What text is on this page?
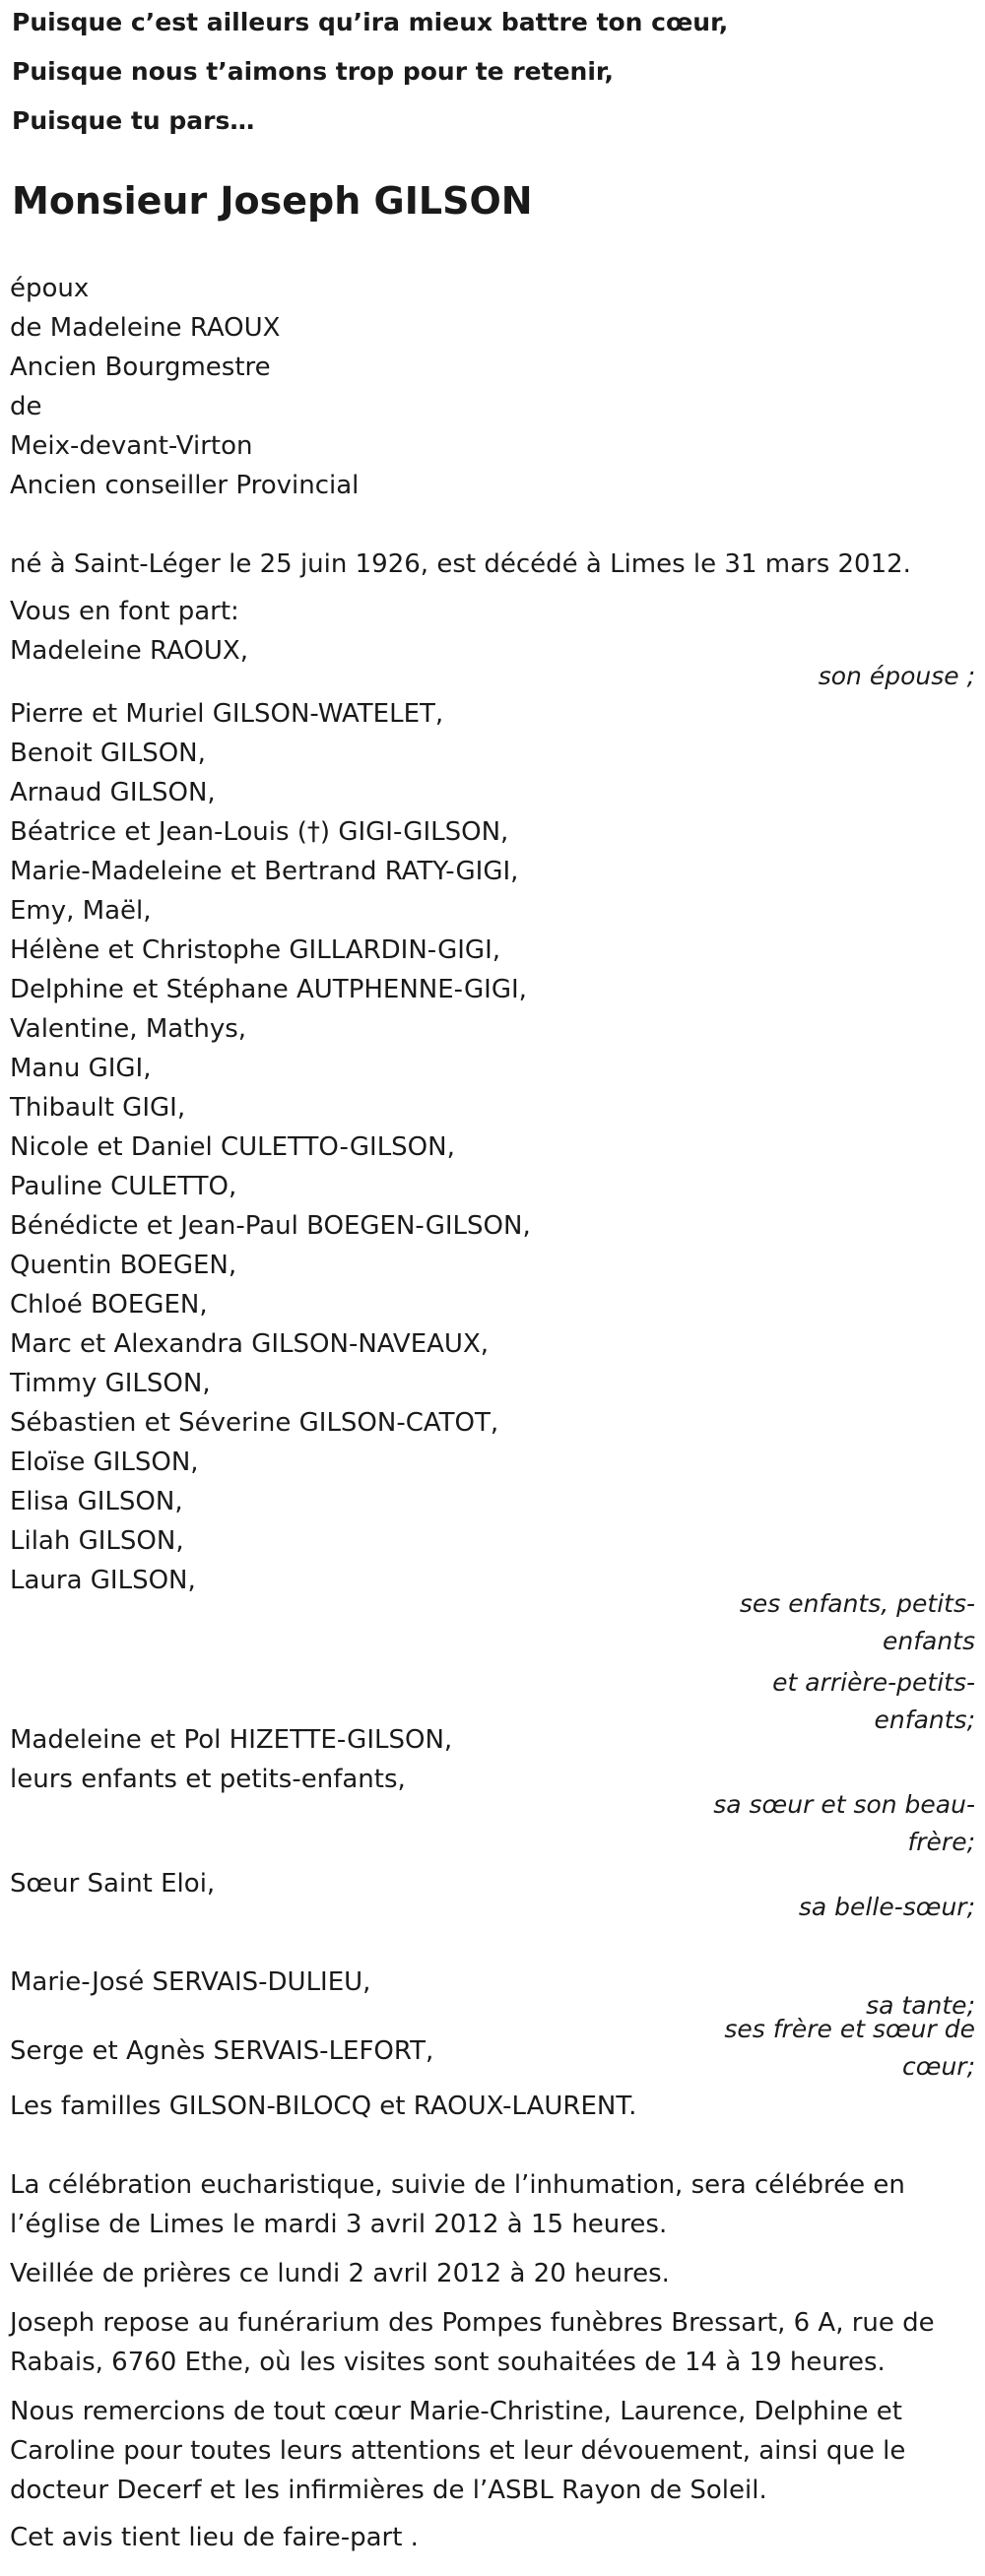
Puisque c’est ailleurs qu’ira mieux battre ton cœur,
Puisque nous t’aimons trop pour te retenir,
Puisque tu pars…
Monsieur Joseph GILSON
époux
de Madeleine RAOUX
Ancien Bourgmestre
de
Meix-devant-Virton
Ancien conseiller Provincial
né à Saint-Léger le 25 juin 1926, est décédé à Limes le 31 mars 2012.
Vous en font part:
Madeleine RAOUX,
son épouse ;
Pierre et Muriel GILSON-WATELET,
Benoit GILSON,
Arnaud GILSON,
Béatrice et Jean-Louis (†) GIGI-GILSON,
Marie-Madeleine et Bertrand RATY-GIGI,
Emy, Maël,
Hélène et Christophe GILLARDIN-GIGI,
Delphine et Stéphane AUTPHENNE-GIGI,
Valentine, Mathys,
Manu GIGI,
Thibault GIGI,
Nicole et Daniel CULETTO-GILSON,
Pauline CULETTO,
Bénédicte et Jean-Paul BOEGEN-GILSON,
Quentin BOEGEN,
Chloé BOEGEN,
Marc et Alexandra GILSON-NAVEAUX,
Timmy GILSON,
Sébastien et Séverine GILSON-CATOT,
Eloïse GILSON,
Elisa GILSON,
Lilah GILSON,
Laura GILSON,
ses enfants, petits-enfants
et arrière-petits-enfants;
Madeleine et Pol HIZETTE-GILSON,
leurs enfants et petits-enfants,
sa sœur et son beau-frère;
Sœur Saint Eloi,
sa belle-sœur;
Marie-José SERVAIS-DULIEU,
sa tante;
Serge et Agnès SERVAIS-LEFORT,
ses frère et sœur de cœur;
Les familles GILSON-BILOCQ et RAOUX-LAURENT.
La célébration eucharistique, suivie de l’inhumation, sera célébrée en
l’église de Limes le mardi 3 avril 2012 à 15 heures.
Veillée de prières ce lundi 2 avril 2012 à 20 heures.
Joseph repose au funérarium des Pompes funèbres Bressart, 6 A, rue de
Rabais, 6760 Ethe, où les visites sont souhaitées de 14 à 19 heures.
Nous remercions de tout cœur Marie-Christine, Laurence, Delphine et
Caroline pour toutes leurs attentions et leur dévouement, ainsi que le
docteur Decerf et les infirmières de l’ASBL Rayon de Soleil.
Cet avis tient lieu de faire-part .
